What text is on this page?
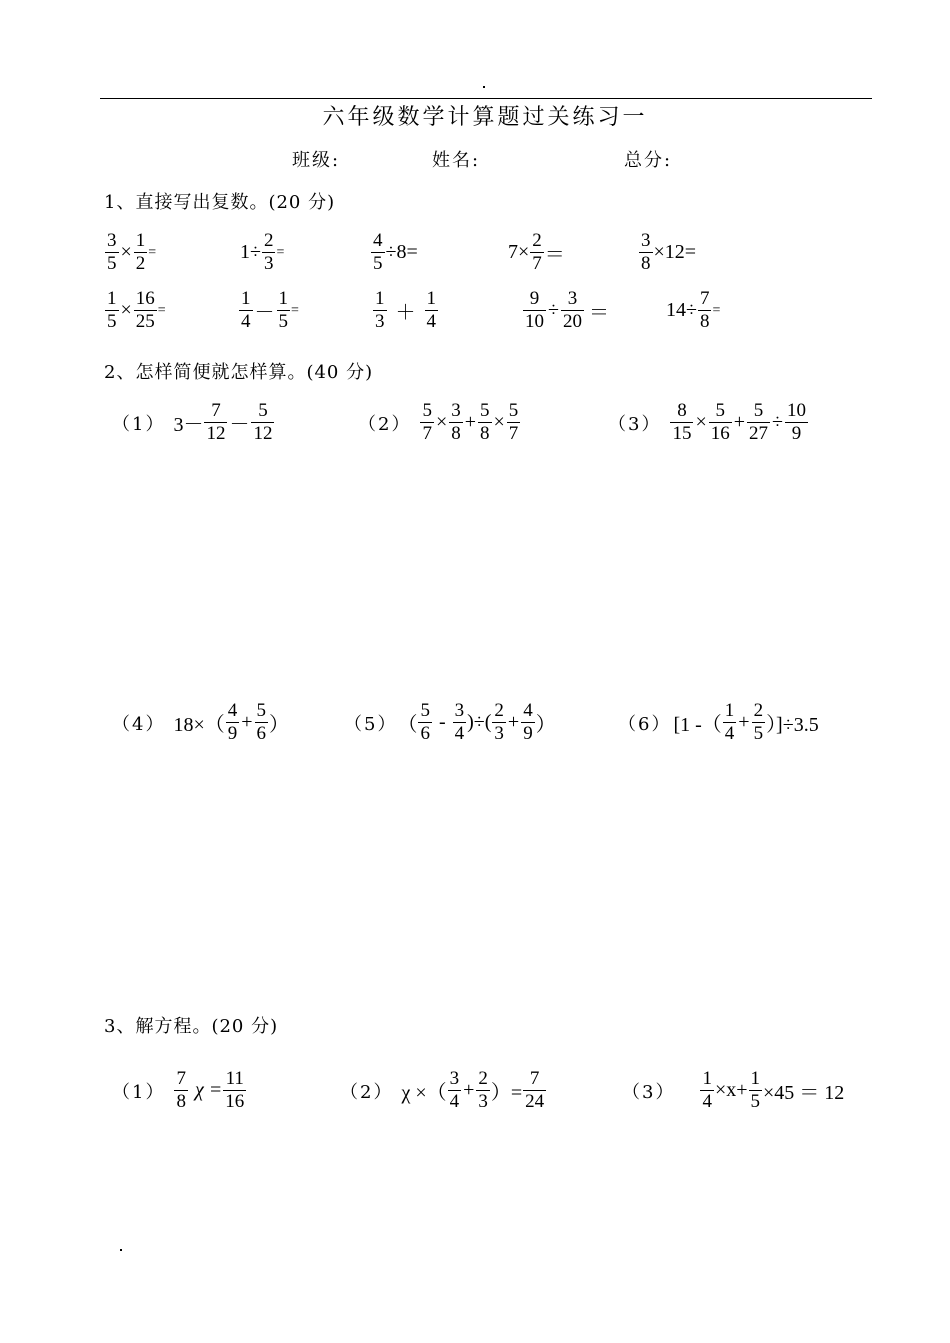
六年级数学计算题过关练习一
班级:	姓名:	总分:
1、直接写出复数。(20 分)
$\frac{3}{5} \times \frac{1}{2}$ =	$1\div \frac{2}{3}$ =	$\frac{4}{5} \div 8=$	$7\times \frac{2}{7}$ ＝	$\frac{3}{8} \times 12=$
$\frac{1}{5} \times \frac{16}{25}$ =	$\frac{1}{4} - \frac{1}{5}$ =	$\frac{1}{3} + \frac{1}{4}$	$\frac{9}{10} \div \frac{3}{20}$ ＝	$14\div \frac{7}{8}$ =
2、怎样简便就怎样算。(40 分)
（1） $3- \frac{7}{12} - \frac{5}{12}$	$(2) \frac{5}{7} \times \frac{3}{8} + \frac{5}{8} \times \frac{5}{7}$	$(3) \frac{8}{15} \times \frac{5}{16} + \frac{5}{27} \div \frac{10}{9}$
（4） $18\times( \frac{4}{9} + \frac{5}{6}$ ）	（5） （ $\frac{5}{6} - \frac{3}{4}$ )÷( $\frac{2}{3} + \frac{4}{9}$ ）	（6） [1 -（ $\frac{1}{4} + \frac{2}{5} )]\div 3.5$
3、解方程。(20 分)
$(1) \frac{7}{8}$ $\chi = \frac{11}{16}$	（2） χ ×（ $\frac{3}{4} + \frac{2}{3}$ ）= $\frac{7}{24}$	$(3) \frac{1}{4} \times x+ \frac{1}{5} \times 45 = 12$
